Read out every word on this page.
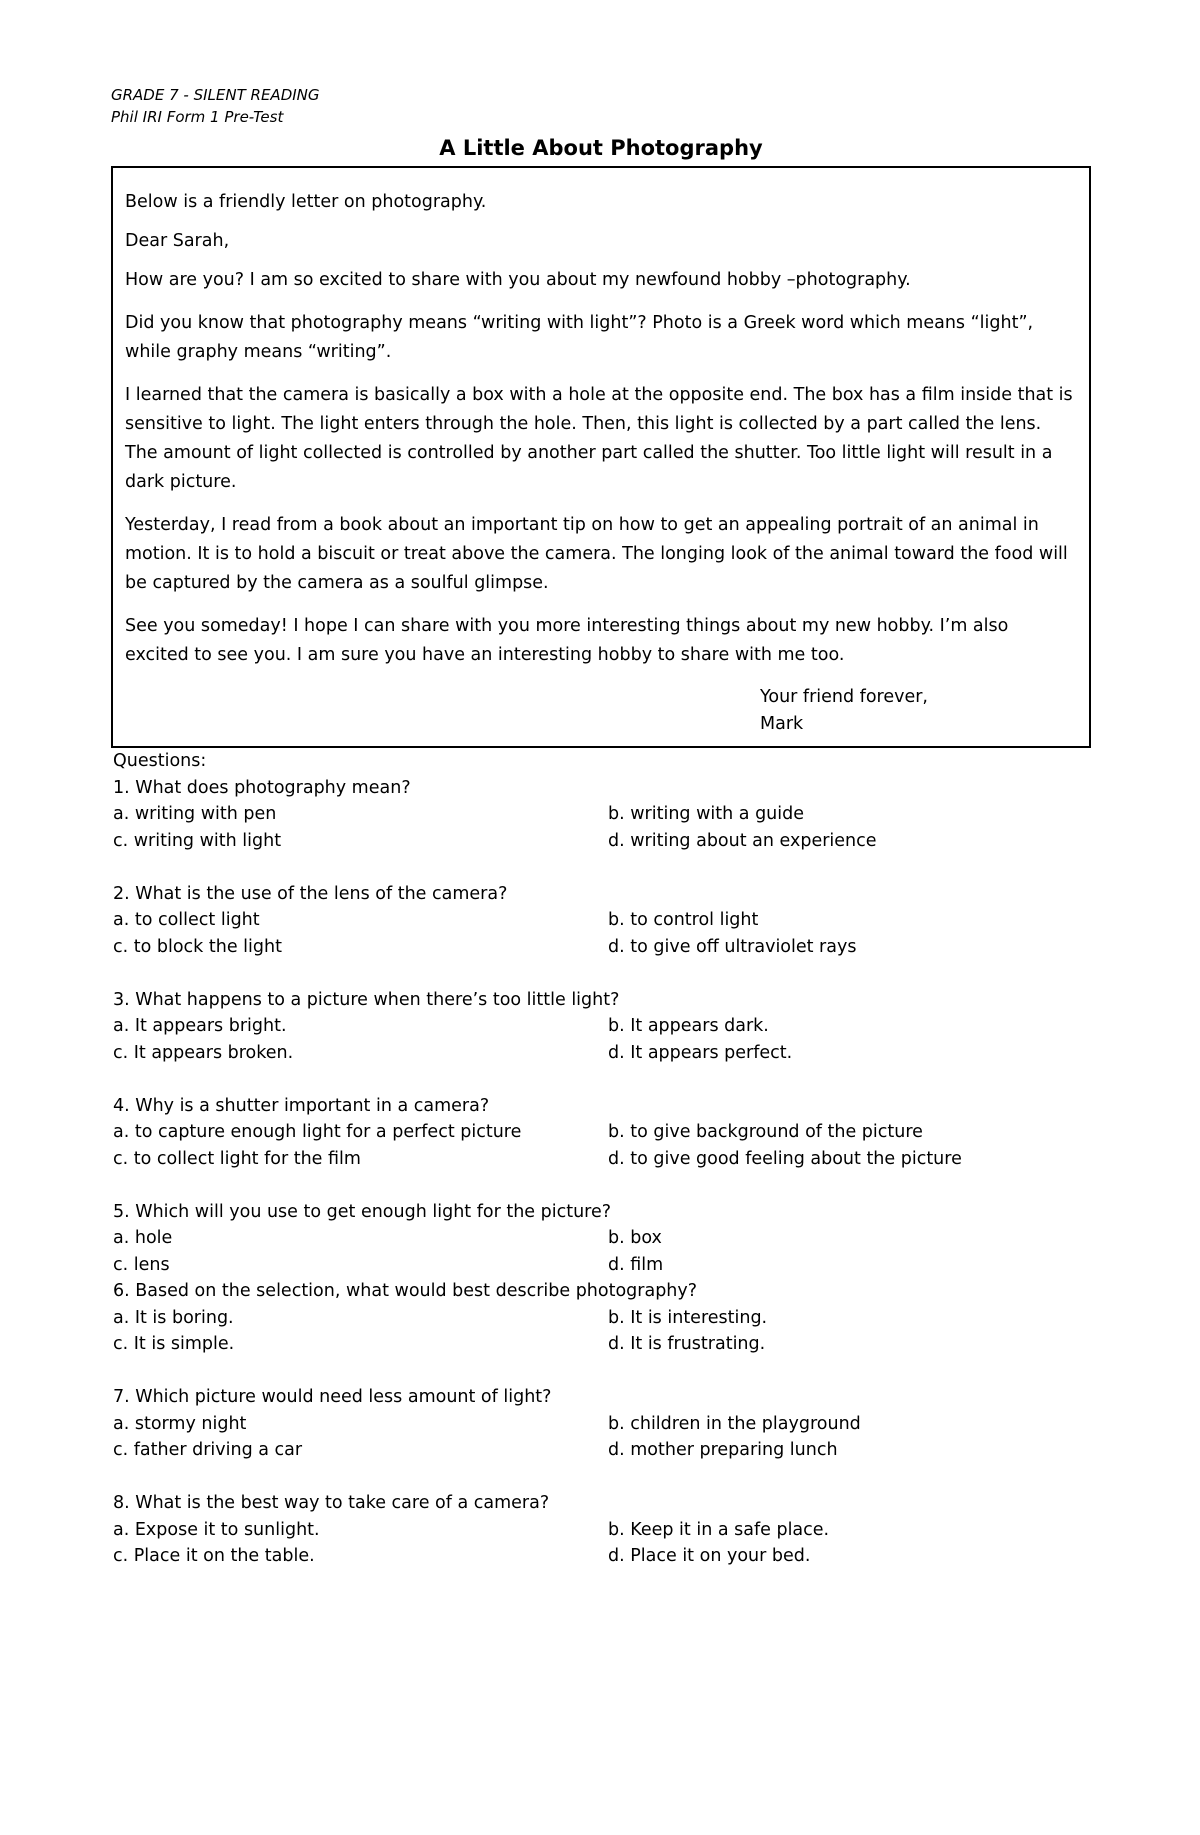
GRADE 7 - SILENT READING

Phil IRI Form 1 Pre-Test

A Little About Photography

Below is a friendly letter on photography.

Dear Sarah,

How are you? I am so excited to share with you about my newfound hobby –photography.

Did you know that photography means “writing with light”? Photo is a Greek word which means “light”, while graphy means “writing”.

I learned that the camera is basically a box with a hole at the opposite end. The box has a film inside that is sensitive to light. The light enters through the hole. Then, this light is collected by a part called the lens. The amount of light collected is controlled by another part called the shutter. Too little light will result in a dark picture.

Yesterday, I read from a book about an important tip on how to get an appealing portrait of an animal in motion. It is to hold a biscuit or treat above the camera. The longing look of the animal toward the food will be captured by the camera as a soulful glimpse.

See you someday! I hope I can share with you more interesting things about my new hobby. I’m also excited to see you. I am sure you have an interesting hobby to share with me too.

Your friend forever,
Mark

Questions:

1. What does photography mean?

a. writing with pen	b. writing with a guide
c. writing with light	d. writing about an experience

2. What is the use of the lens of the camera?

a. to collect light	b. to control light
c. to block the light	d. to give off ultraviolet rays

3. What happens to a picture when there’s too little light?

a. It appears bright.	b. It appears dark.
c. It appears broken.	d. It appears perfect.

4. Why is a shutter important in a camera?

a. to capture enough light for a perfect picture	b. to give background of the picture
c. to collect light for the film	d. to give good feeling about the picture

5. Which will you use to get enough light for the picture?

a. hole	b. box
c. lens	d. film

6. Based on the selection, what would best describe photography?

a. It is boring.	b. It is interesting.
c. It is simple.	d. It is frustrating.

7. Which picture would need less amount of light?

a. stormy night	b. children in the playground
c. father driving a car	d. mother preparing lunch

8. What is the best way to take care of a camera?

a. Expose it to sunlight.	b. Keep it in a safe place.
c. Place it on the table.	d. Place it on your bed.
